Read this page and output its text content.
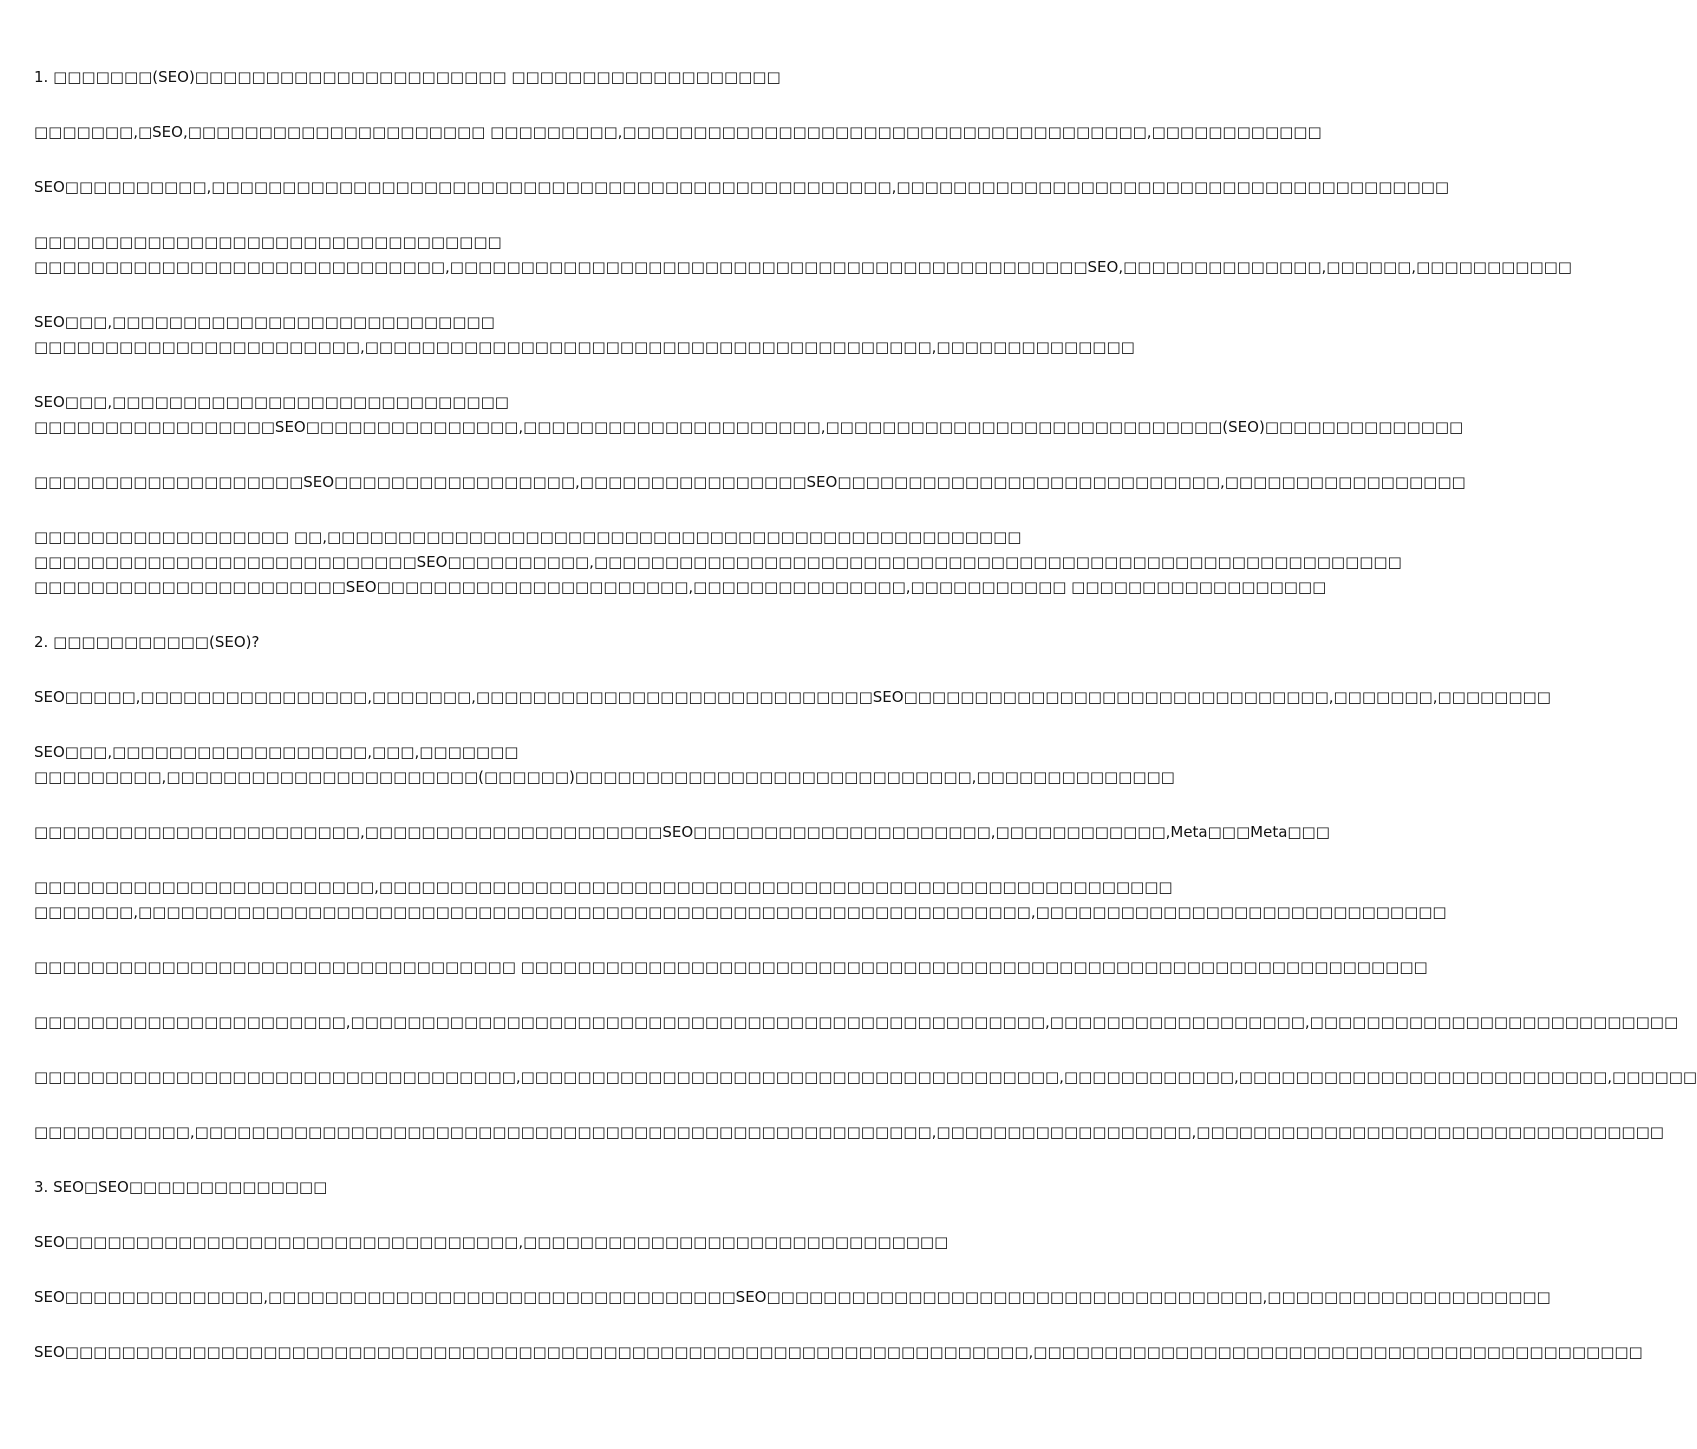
1. □□□□□□□(SEO)□□□□□□□□□□□□□□□□□□□□□□ □□□□□□□□□□□□□□□□□□□
□□□□□□□,□SEO,□□□□□□□□□□□□□□□□□□□□□ □□□□□□□□□,□□□□□□□□□□□□□□□□□□□□□□□□□□□□□□□□□□□□□,□□□□□□□□□□□□
SEO□□□□□□□□□□,□□□□□□□□□□□□□□□□□□□□□□□□□□□□□□□□□□□□□□□□□□□□□□□□,□□□□□□□□□□□□□□□□□□□□□□□□□□□□□□□□□□□□□□□
□□□□□□□□□□□□□□□□□□□□□□□□□□□□□□□□□
□□□□□□□□□□□□□□□□□□□□□□□□□□□□□,□□□□□□□□□□□□□□□□□□□□□□□□□□□□□□□□□□□□□□□□□□□□□SEO,□□□□□□□□□□□□□□,□□□□□□,□□□□□□□□□□□
SEO□□□,□□□□□□□□□□□□□□□□□□□□□□□□□□□
□□□□□□□□□□□□□□□□□□□□□□□,□□□□□□□□□□□□□□□□□□□□□□□□□□□□□□□□□□□□□□□□,□□□□□□□□□□□□□□
SEO□□□,□□□□□□□□□□□□□□□□□□□□□□□□□□□□
□□□□□□□□□□□□□□□□□SEO□□□□□□□□□□□□□□□,□□□□□□□□□□□□□□□□□□□□□,□□□□□□□□□□□□□□□□□□□□□□□□□□□□(SEO)□□□□□□□□□□□□□□
□□□□□□□□□□□□□□□□□□□SEO□□□□□□□□□□□□□□□□□,□□□□□□□□□□□□□□□□SEO□□□□□□□□□□□□□□□□□□□□□□□□□□□,□□□□□□□□□□□□□□□□□
□□□□□□□□□□□□□□□□□□ □□,□□□□□□□□□□□□□□□□□□□□□□□□□□□□□□□□□□□□□□□□□□□□□□□□□
□□□□□□□□□□□□□□□□□□□□□□□□□□□SEO□□□□□□□□□□,□□□□□□□□□□□□□□□□□□□□□□□□□□□□□□□□□□□□□□□□□□□□□□□□□□□□□□□□□
□□□□□□□□□□□□□□□□□□□□□□SEO□□□□□□□□□□□□□□□□□□□□□□,□□□□□□□□□□□□□□□,□□□□□□□□□□□ □□□□□□□□□□□□□□□□□□
2. □□□□□□□□□□□(SEO)?
SEO□□□□□,□□□□□□□□□□□□□□□□,□□□□□□□,□□□□□□□□□□□□□□□□□□□□□□□□□□□□SEO□□□□□□□□□□□□□□□□□□□□□□□□□□□□□□,□□□□□□□,□□□□□□□□
SEO□□□,□□□□□□□□□□□□□□□□□□,□□□,□□□□□□□
□□□□□□□□□,□□□□□□□□□□□□□□□□□□□□□□(□□□□□□)□□□□□□□□□□□□□□□□□□□□□□□□□□□□,□□□□□□□□□□□□□□
□□□□□□□□□□□□□□□□□□□□□□□,□□□□□□□□□□□□□□□□□□□□□SEO□□□□□□□□□□□□□□□□□□□□□,□□□□□□□□□□□□,Meta□□□Meta□□□
□□□□□□□□□□□□□□□□□□□□□□□□,□□□□□□□□□□□□□□□□□□□□□□□□□□□□□□□□□□□□□□□□□□□□□□□□□□□□□□□□
□□□□□□□,□□□□□□□□□□□□□□□□□□□□□□□□□□□□□□□□□□□□□□□□□□□□□□□□□□□□□□□□□□□□□□□,□□□□□□□□□□□□□□□□□□□□□□□□□□□□□
□□□□□□□□□□□□□□□□□□□□□□□□□□□□□□□□□□ □□□□□□□□□□□□□□□□□□□□□□□□□□□□□□□□□□□□□□□□□□□□□□□□□□□□□□□□□□□□□□□□
□□□□□□□□□□□□□□□□□□□□□□,□□□□□□□□□□□□□□□□□□□□□□□□□□□□□□□□□□□□□□□□□□□□□□□□□,□□□□□□□□□□□□□□□□□□,□□□□□□□□□□□□□□□□□□□□□□□□□□
□□□□□□□□□□□□□□□□□□□□□□□□□□□□□□□□□□,□□□□□□□□□□□□□□□□□□□□□□□□□□□□□□□□□□□□□□,□□□□□□□□□□□□,□□□□□□□□□□□□□□□□□□□□□□□□□□,□□□□□□
□□□□□□□□□□□,□□□□□□□□□□□□□□□□□□□□□□□□□□□□□□□□□□□□□□□□□□□□□□□□□□□□,□□□□□□□□□□□□□□□□□□,□□□□□□□□□□□□□□□□□□□□□□□□□□□□□□□□□
3. SEO□SEO□□□□□□□□□□□□□□
SEO□□□□□□□□□□□□□□□□□□□□□□□□□□□□□□□□,□□□□□□□□□□□□□□□□□□□□□□□□□□□□□□
SEO□□□□□□□□□□□□□□,□□□□□□□□□□□□□□□□□□□□□□□□□□□□□□□□□SEO□□□□□□□□□□□□□□□□□□□□□□□□□□□□□□□□□□□,□□□□□□□□□□□□□□□□□□□□
SEO□□□□□□□□□□□□□□□□□□□□□□□□□□□□□□□□□□□□□□□□□□□□□□□□□□□□□□□□□□□□□□□□□□□□,□□□□□□□□□□□□□□□□□□□□□□□□□□□□□□□□□□□□□□□□□□□
